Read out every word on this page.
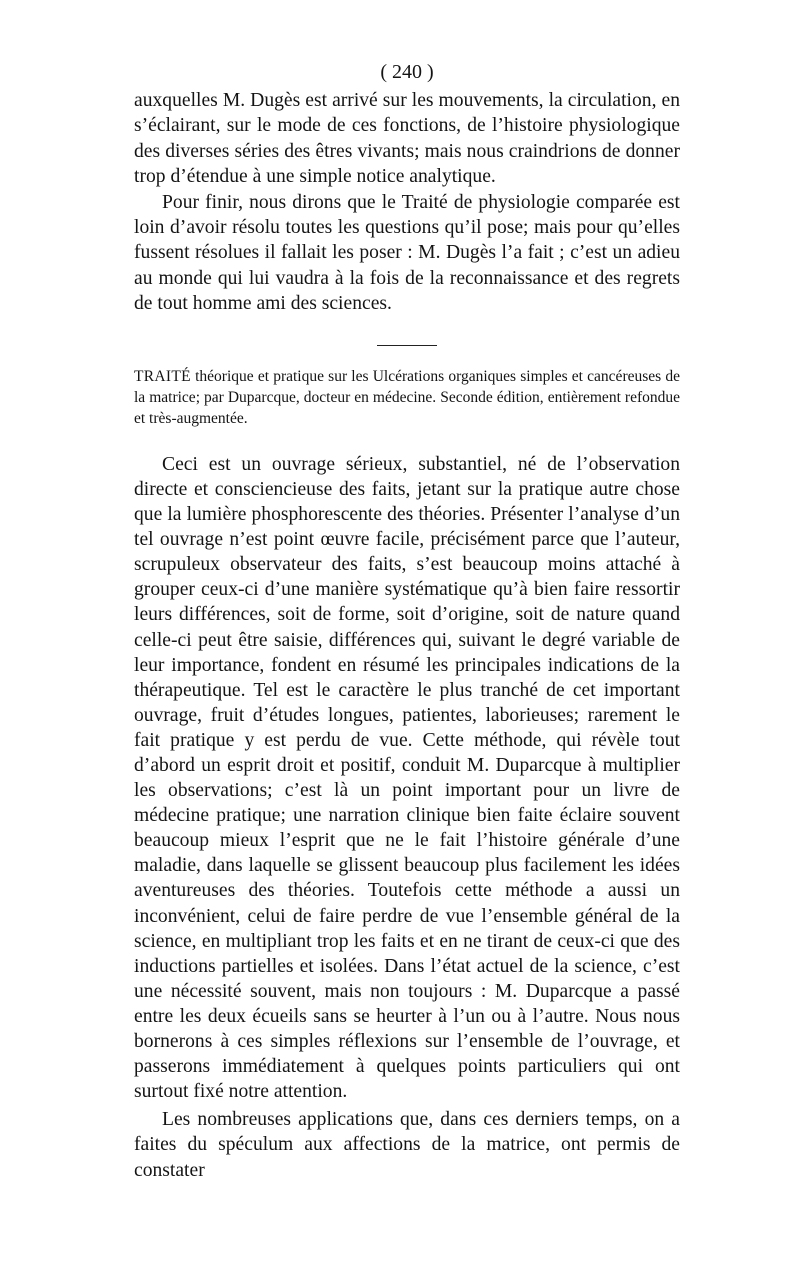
( 240 )

auxquelles M. Dugès est arrivé sur les mouvements, la circulation, en s’éclairant, sur le mode de ces fonctions, de l’histoire physiologique des diverses séries des êtres vivants; mais nous craindrions de donner trop d’étendue à une simple notice analytique.

Pour finir, nous dirons que le Traité de physiologie comparée est loin d’avoir résolu toutes les questions qu’il pose; mais pour qu’elles fussent résolues il fallait les poser : M. Dugès l’a fait ; c’est un adieu au monde qui lui vaudra à la fois de la reconnaissance et des regrets de tout homme ami des sciences.

TRAITÉ théorique et pratique sur les Ulcérations organiques simples et cancéreuses de la matrice; par Duparcque, docteur en médecine. Seconde édition, entièrement refondue et très-augmentée.

Ceci est un ouvrage sérieux, substantiel, né de l’observation directe et consciencieuse des faits, jetant sur la pratique autre chose que la lumière phosphorescente des théories. Présenter l’analyse d’un tel ouvrage n’est point œuvre facile, précisément parce que l’auteur, scrupuleux observateur des faits, s’est beaucoup moins attaché à grouper ceux-ci d’une manière systématique qu’à bien faire ressortir leurs différences, soit de forme, soit d’origine, soit de nature quand celle-ci peut être saisie, différences qui, suivant le degré variable de leur importance, fondent en résumé les principales indications de la thérapeutique. Tel est le caractère le plus tranché de cet important ouvrage, fruit d’études longues, patientes, laborieuses; rarement le fait pratique y est perdu de vue. Cette méthode, qui révèle tout d’abord un esprit droit et positif, conduit M. Duparcque à multiplier les observations; c’est là un point important pour un livre de médecine pratique; une narration clinique bien faite éclaire souvent beaucoup mieux l’esprit que ne le fait l’histoire générale d’une maladie, dans laquelle se glissent beaucoup plus facilement les idées aventureuses des théories. Toutefois cette méthode a aussi un inconvénient, celui de faire perdre de vue l’ensemble général de la science, en multipliant trop les faits et en ne tirant de ceux-ci que des inductions partielles et isolées. Dans l’état actuel de la science, c’est une nécessité souvent, mais non toujours : M. Duparcque a passé entre les deux écueils sans se heurter à l’un ou à l’autre. Nous nous bornerons à ces simples réflexions sur l’ensemble de l’ouvrage, et passerons immédiatement à quelques points particuliers qui ont surtout fixé notre attention.

Les nombreuses applications que, dans ces derniers temps, on a faites du spéculum aux affections de la matrice, ont permis de constater
